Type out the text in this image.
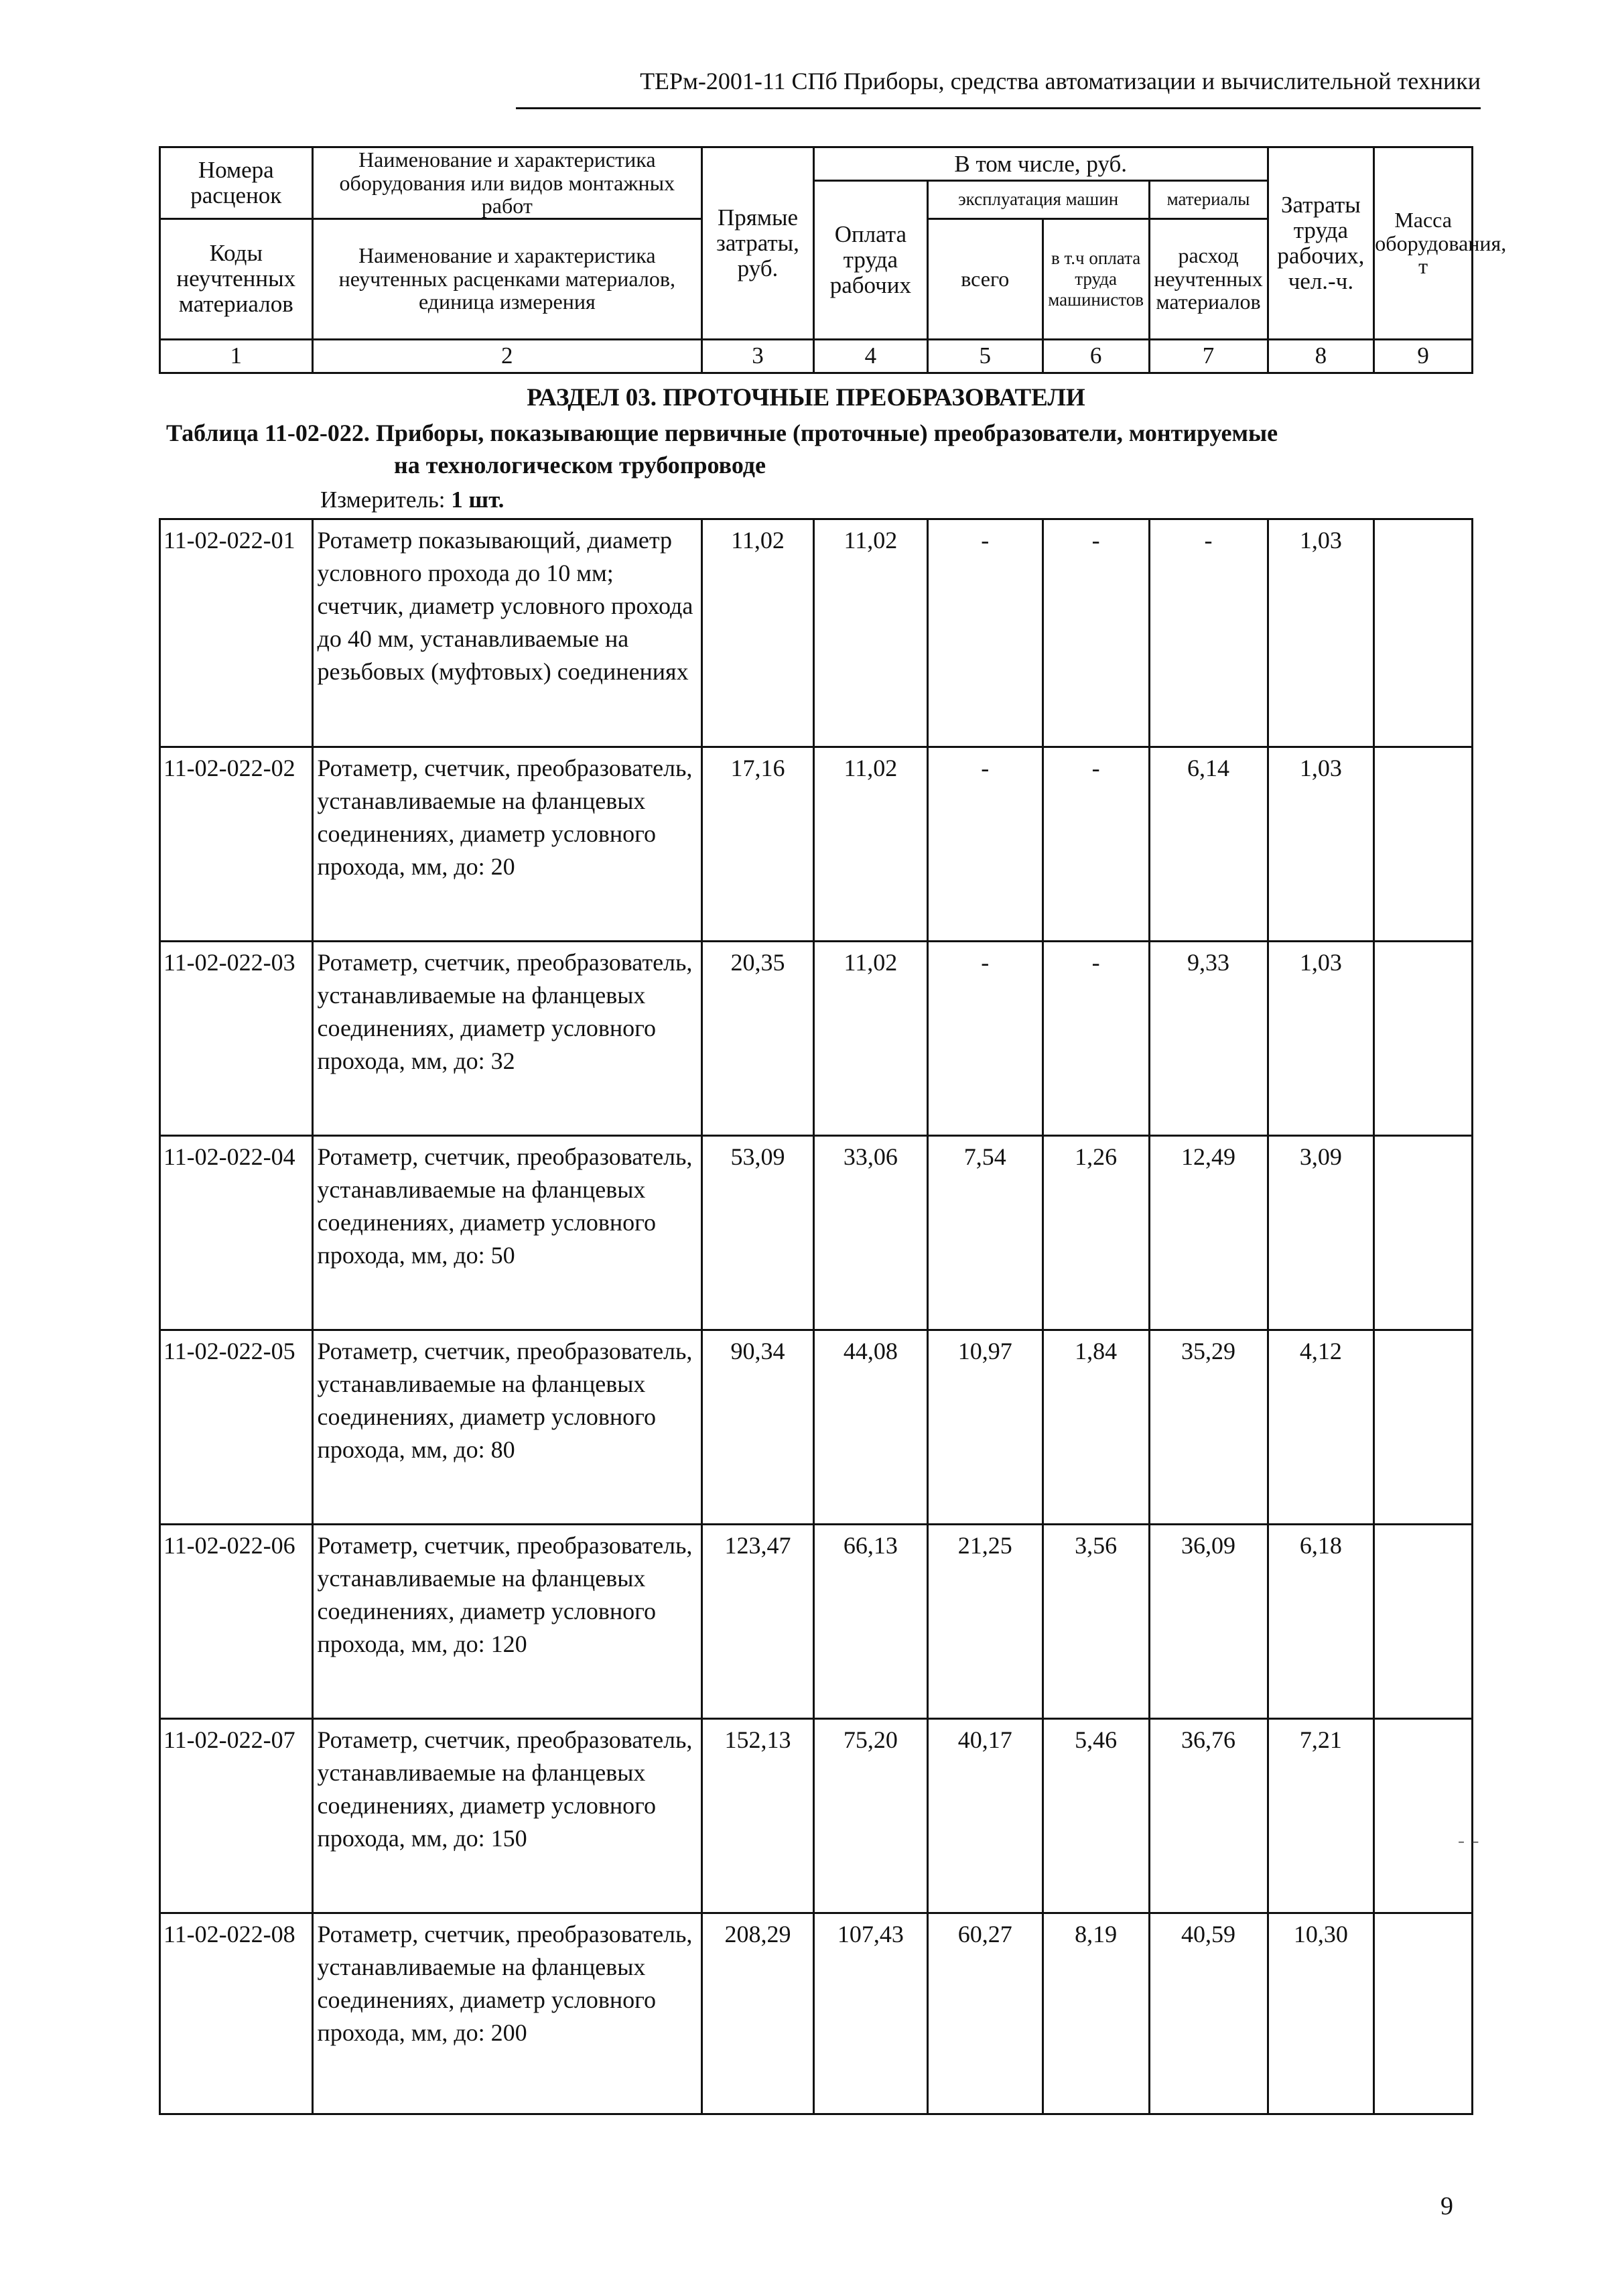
ТЕРм-2001-11 СПб Приборы, средства автоматизации и вычислительной техники
Номера расценок	Наименование и характеристика оборудования или видов монтажных работ	Прямые затраты, руб.	В том числе, руб.				Затраты труда рабочих, чел.-ч.	Масса оборудования, т
			Оплата труда рабочих	эксплуатация машин		материалы		
Коды неучтенных материалов	Наименование и характеристика неучтенных расценками материалов, единица измерения			всего	в т.ч оплата труда машинистов	расход неучтенных материалов		

1	2	3	4	5	6	7	8	9
РАЗДЕЛ 03. ПРОТОЧНЫЕ ПРЕОБРАЗОВАТЕЛИ
Таблица 11-02-022. Приборы, показывающие первичные (проточные) преобразователи, монтируемые
на технологическом трубопроводе
Измеритель: 1 шт.
11-02-022-01	Ротаметр показывающий, диаметр условного прохода до 10 мм; счетчик, диаметр условного прохода до 40 мм, устанавливаемые на резьбовых (муфтовых) соединениях	11,02	11,02	-	-	-	1,03	
11-02-022-02	Ротаметр, счетчик, преобразователь, устанавливаемые на фланцевых соединениях, диаметр условного прохода, мм, до: 20	17,16	11,02	-	-	6,14	1,03	
11-02-022-03	Ротаметр, счетчик, преобразователь, устанавливаемые на фланцевых соединениях, диаметр условного прохода, мм, до: 32	20,35	11,02	-	-	9,33	1,03	
11-02-022-04	Ротаметр, счетчик, преобразователь, устанавливаемые на фланцевых соединениях, диаметр условного прохода, мм, до: 50	53,09	33,06	7,54	1,26	12,49	3,09	
11-02-022-05	Ротаметр, счетчик, преобразователь, устанавливаемые на фланцевых соединениях, диаметр условного прохода, мм, до: 80	90,34	44,08	10,97	1,84	35,29	4,12	
11-02-022-06	Ротаметр, счетчик, преобразователь, устанавливаемые на фланцевых соединениях, диаметр условного прохода, мм, до: 120	123,47	66,13	21,25	3,56	36,09	6,18	
11-02-022-07	Ротаметр, счетчик, преобразователь, устанавливаемые на фланцевых соединениях, диаметр условного прохода, мм, до: 150	152,13	75,20	40,17	5,46	36,76	7,21	
11-02-022-08	Ротаметр, счетчик, преобразователь, устанавливаемые на фланцевых соединениях, диаметр условного прохода, мм, до: 200	208,29	107,43	60,27	8,19	40,59	10,30	
- -
9
